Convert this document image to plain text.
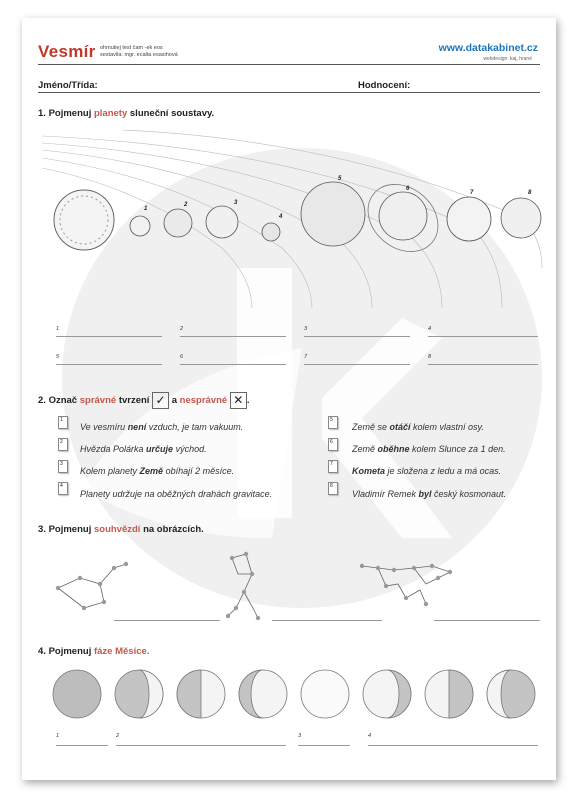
Vesmír ohmutiej test čam -ek eos
sestavila: mgr. ecalta esasihová
www.datakabinet.cz
webdesign: kaj, hrané
Jméno/Třída:	Hodnocení:
1. Pojmenuj planety sluneční soustavy.
1
2	3
4
5
6
7	8
1	2	3	4
5	6	7	8
2. Označ správné tvrzení ✓ a nesprávné ✕ .
1
Ve vesmíru není vzduch, je tam vakuum.
2
Hvězda Polárka určuje východ.
3
Kolem planety Země obíhají 2 měsíce.
4
Planety udržuje na oběžných drahách gravitace.
5
Země se otáčí kolem vlastní osy.
6
Země oběhne kolem Slunce za 1 den.
7
Kometa je složena z ledu a má ocas.
8
Vladimír Remek byl český kosmonaut.
3. Pojmenuj souhvězdí na obrázcích.
4. Pojmenuj fáze Měsíce.
1	2	3	4
